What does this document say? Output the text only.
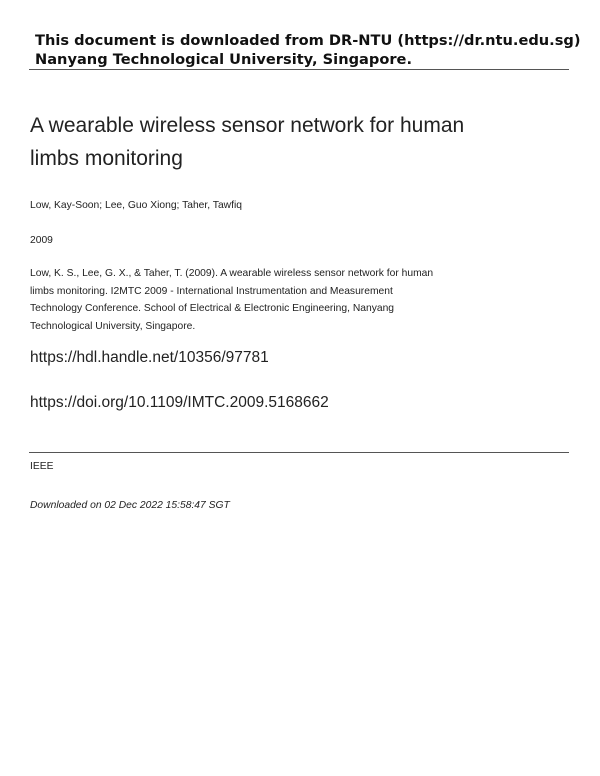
This document is downloaded from DR-NTU (https://dr.ntu.edu.sg)
Nanyang Technological University, Singapore.
A wearable wireless sensor network for human
limbs monitoring
Low, Kay-Soon; Lee, Guo Xiong; Taher, Tawfiq
2009
Low, K. S., Lee, G. X., & Taher, T. (2009). A wearable wireless sensor network for human
limbs monitoring. I2MTC 2009 - International Instrumentation and Measurement
Technology Conference. School of Electrical & Electronic Engineering, Nanyang
Technological University, Singapore.
https://hdl.handle.net/10356/97781
https://doi.org/10.1109/IMTC.2009.5168662
IEEE
Downloaded on 02 Dec 2022 15:58:47 SGT
